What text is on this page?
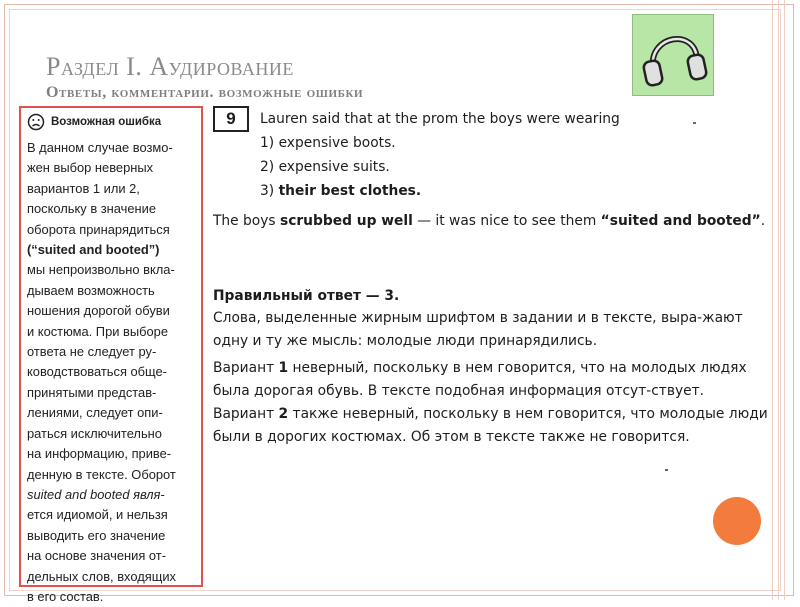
Раздел I. Аудирование
Ответы, комментарии. возможные ошибки
Возможная ошибка
В данном случае возмо-
жен выбор неверных
вариантов 1 или 2,
поскольку в значение
оборота принарядиться
(“suited and booted”)
мы непроизвольно вкла-
дываем возможность
ношения дорогой обуви
и костюма. При выборе
ответа не следует ру-
ководствоваться обще-
принятыми представ-
лениями, следует опи-
раться исключительно
на информацию, приве-
денную в тексте. Оборот
suited and booted явля-
ется идиомой, и нельзя
выводить его значение
на основе значения от-
дельных слов, входящих
в его состав.
9	Lauren said that at the prom the boys were wearing
1) expensive boots.
2) expensive suits.
3) their best clothes.
The boys scrubbed up well — it was nice to see them “suited and booted”.
Правильный ответ — 3.
Слова, выделенные жирным шрифтом в задании и в тексте, выра-жают одну и ту же мысль: молодые люди принарядились.
Вариант 1 неверный, поскольку в нем говорится, что на молодых людях была дорогая обувь. В тексте подобная информация отсут-ствует. Вариант 2 также неверный, поскольку в нем говорится, что молодые люди были в дорогих костюмах. Об этом в тексте также не говорится.
